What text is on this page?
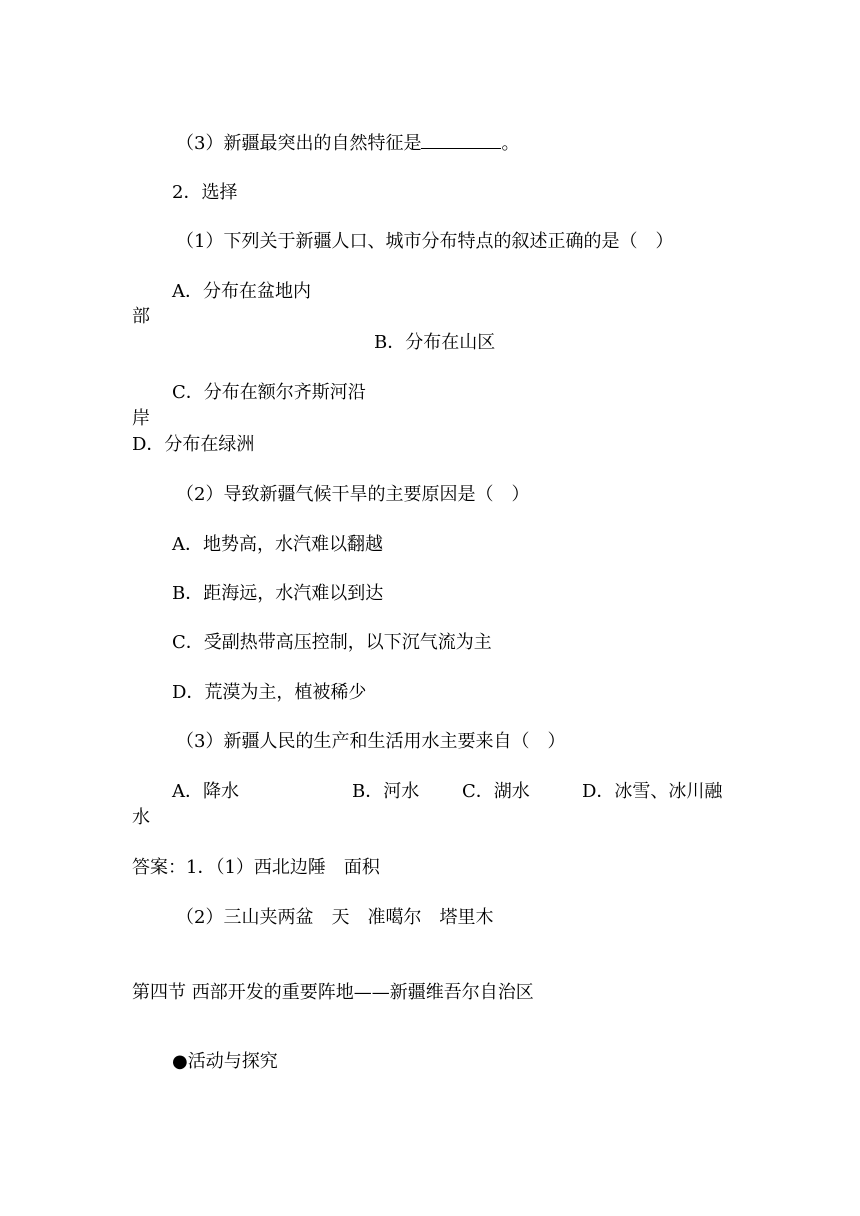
（3）新疆最突出的自然特征是	。
2．选择
（1）下列关于新疆人口、城市分布特点的叙述正确的是（　）
A．分布在盆地内
部
B．分布在山区
C．分布在额尔齐斯河沿
岸
D．分布在绿洲
（2）导致新疆气候干旱的主要原因是（　）
A．地势高，水汽难以翻越
B．距海远，水汽难以到达
C．受副热带高压控制，以下沉气流为主
D．荒漠为主，植被稀少
（3）新疆人民的生产和生活用水主要来自（　）
A．降水	B．河水 C．湖水	D．冰雪、冰川融
水
答案：1．（1）西北边陲　面积
（2）三山夹两盆　天　准噶尔　塔里木
第四节 西部开发的重要阵地——新疆维吾尔自治区
●活动与探究
